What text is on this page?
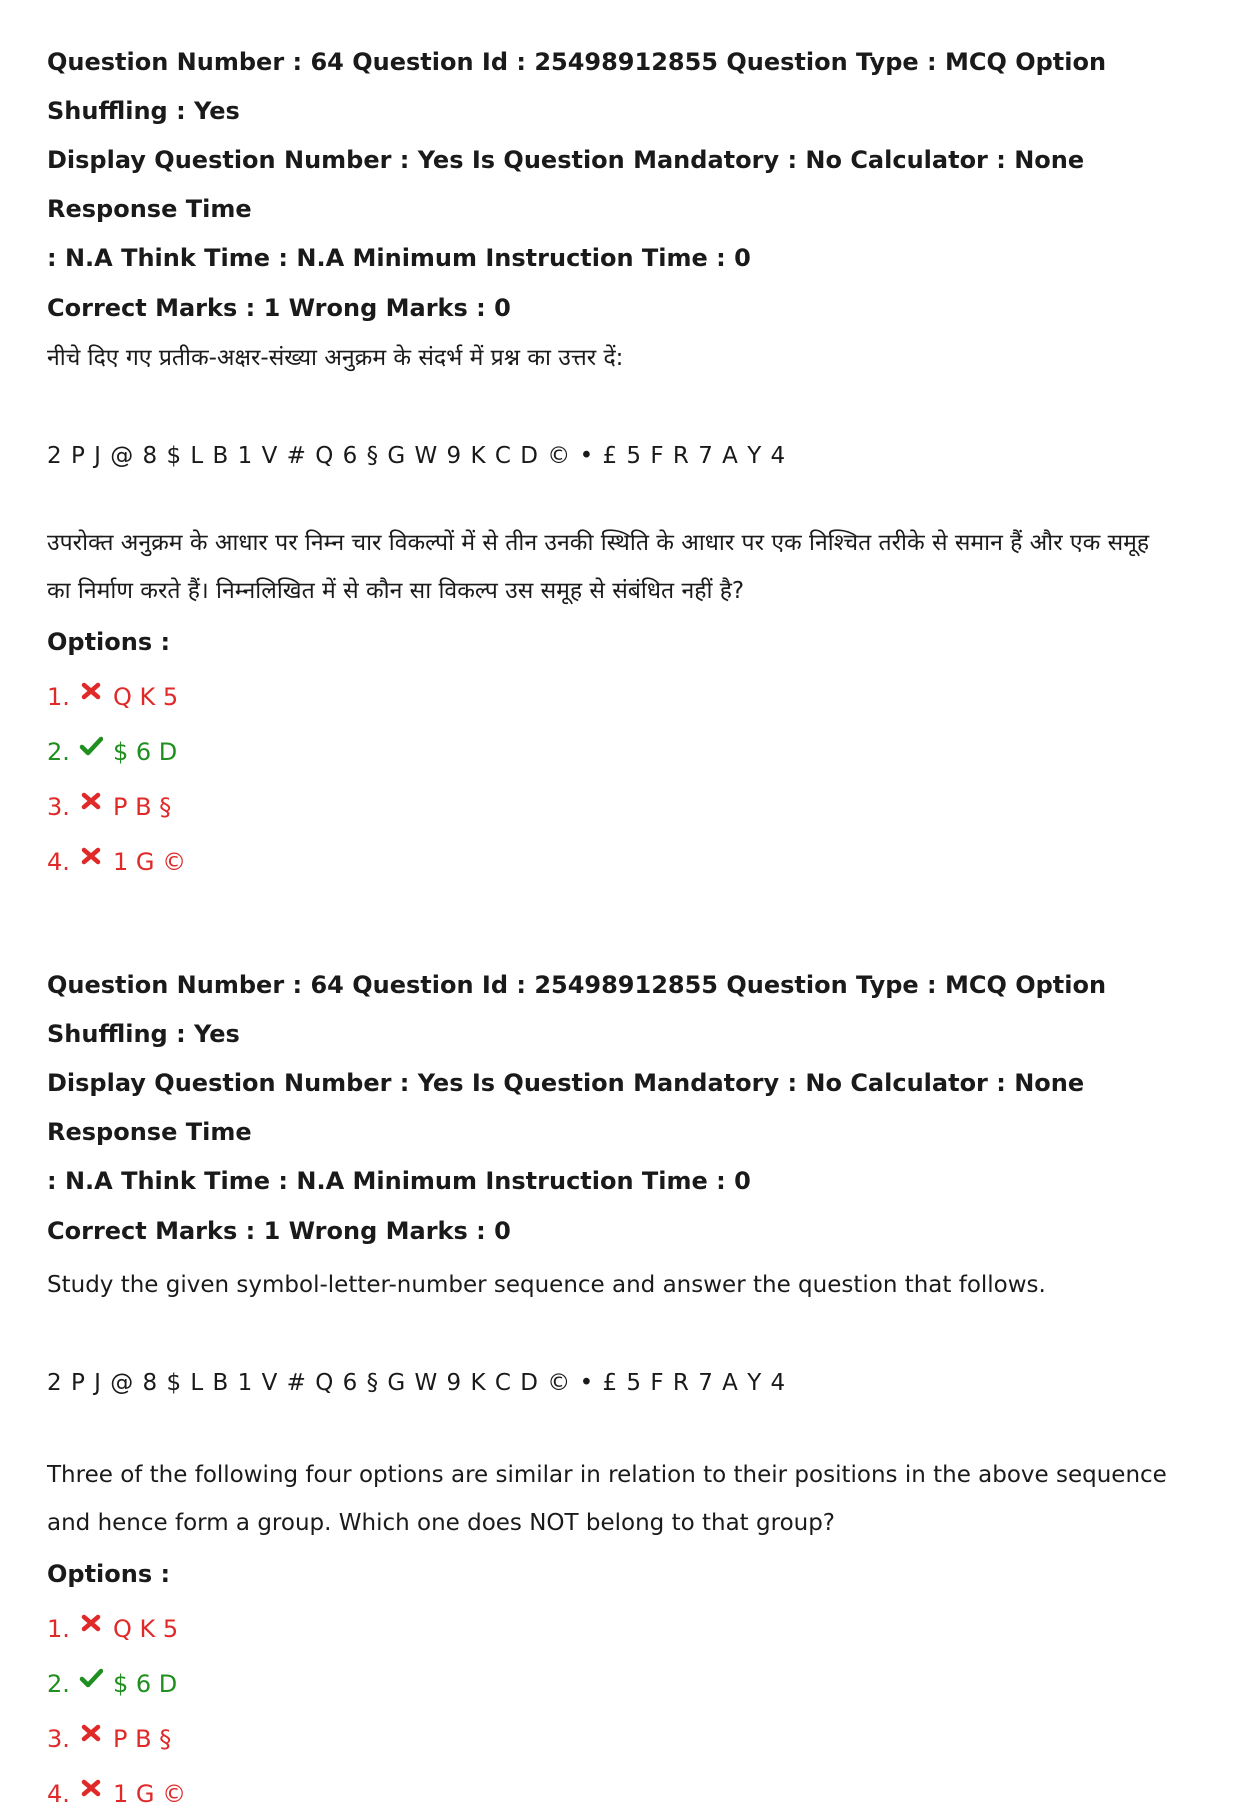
Question Number : 64 Question Id : 25498912855 Question Type : MCQ Option Shuffling : Yes
Display Question Number : Yes Is Question Mandatory : No Calculator : None Response Time
: N.A Think Time : N.A Minimum Instruction Time : 0
Correct Marks : 1 Wrong Marks : 0
नीचे दिए गए प्रतीक-अक्षर-संख्या अनुक्रम के संदर्भ में प्रश्न का उत्तर दें:
2 P J @ 8 $ L B 1 V # Q 6 § G W 9 K C D © • £ 5 F R 7 A Y 4
उपरोक्त अनुक्रम के आधार पर निम्न चार विकल्पों में से तीन उनकी स्थिति के आधार पर एक निश्चित तरीके से समान हैं और एक समूह
का निर्माण करते हैं। निम्नलिखित में से कौन सा विकल्प उस समूह से संबंधित नहीं है?
Options :
1.	Q K 5
2.	$ 6 D
3.	P B §
4.	1 G ©
Question Number : 64 Question Id : 25498912855 Question Type : MCQ Option Shuffling : Yes
Display Question Number : Yes Is Question Mandatory : No Calculator : None Response Time
: N.A Think Time : N.A Minimum Instruction Time : 0
Correct Marks : 1 Wrong Marks : 0
Study the given symbol-letter-number sequence and answer the question that follows.
2 P J @ 8 $ L B 1 V # Q 6 § G W 9 K C D © • £ 5 F R 7 A Y 4
Three of the following four options are similar in relation to their positions in the above sequence
and hence form a group. Which one does NOT belong to that group?
Options :
1.	Q K 5
2.	$ 6 D
3.	P B §
4.	1 G ©
